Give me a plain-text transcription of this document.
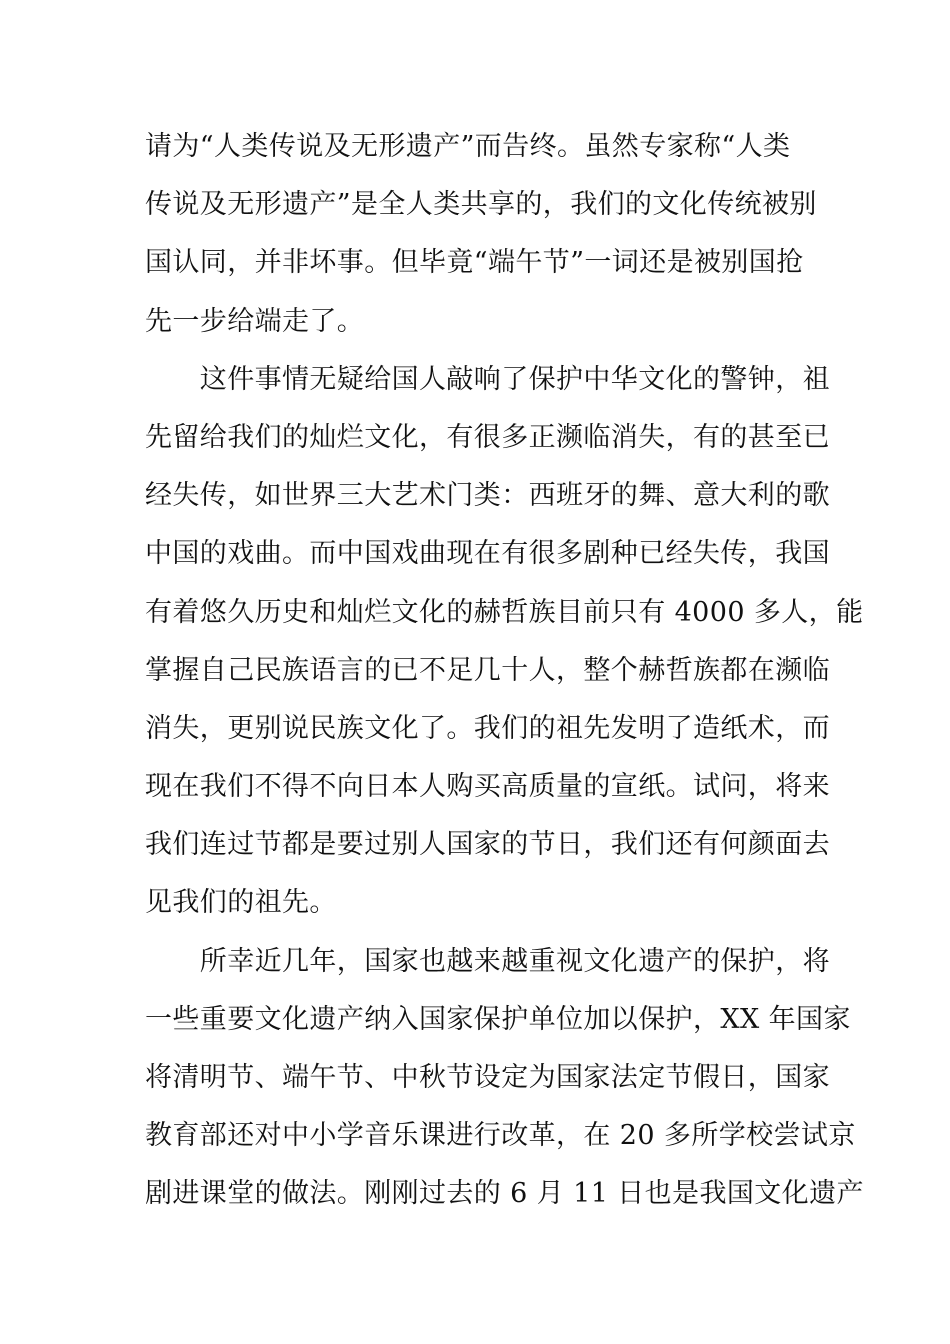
请为“人类传说及无形遗产”而告终。虽然专家称“人类
传说及无形遗产”是全人类共享的，我们的文化传统被别
国认同，并非坏事。但毕竟“端午节”一词还是被别国抢
先一步给端走了。
　　这件事情无疑给国人敲响了保护中华文化的警钟，祖
先留给我们的灿烂文化，有很多正濒临消失，有的甚至已
经失传，如世界三大艺术门类：西班牙的舞、意大利的歌
中国的戏曲。而中国戏曲现在有很多剧种已经失传，我国
有着悠久历史和灿烂文化的赫哲族目前只有 4000 多人，能
掌握自己民族语言的已不足几十人，整个赫哲族都在濒临
消失，更别说民族文化了。我们的祖先发明了造纸术，而
现在我们不得不向日本人购买高质量的宣纸。试问，将来
我们连过节都是要过别人国家的节日，我们还有何颜面去
见我们的祖先。
　　所幸近几年，国家也越来越重视文化遗产的保护，将
一些重要文化遗产纳入国家保护单位加以保护，XX 年国家
将清明节、端午节、中秋节设定为国家法定节假日，国家
教育部还对中小学音乐课进行改革，在 20 多所学校尝试京
剧进课堂的做法。刚刚过去的 6 月 11 日也是我国文化遗产
